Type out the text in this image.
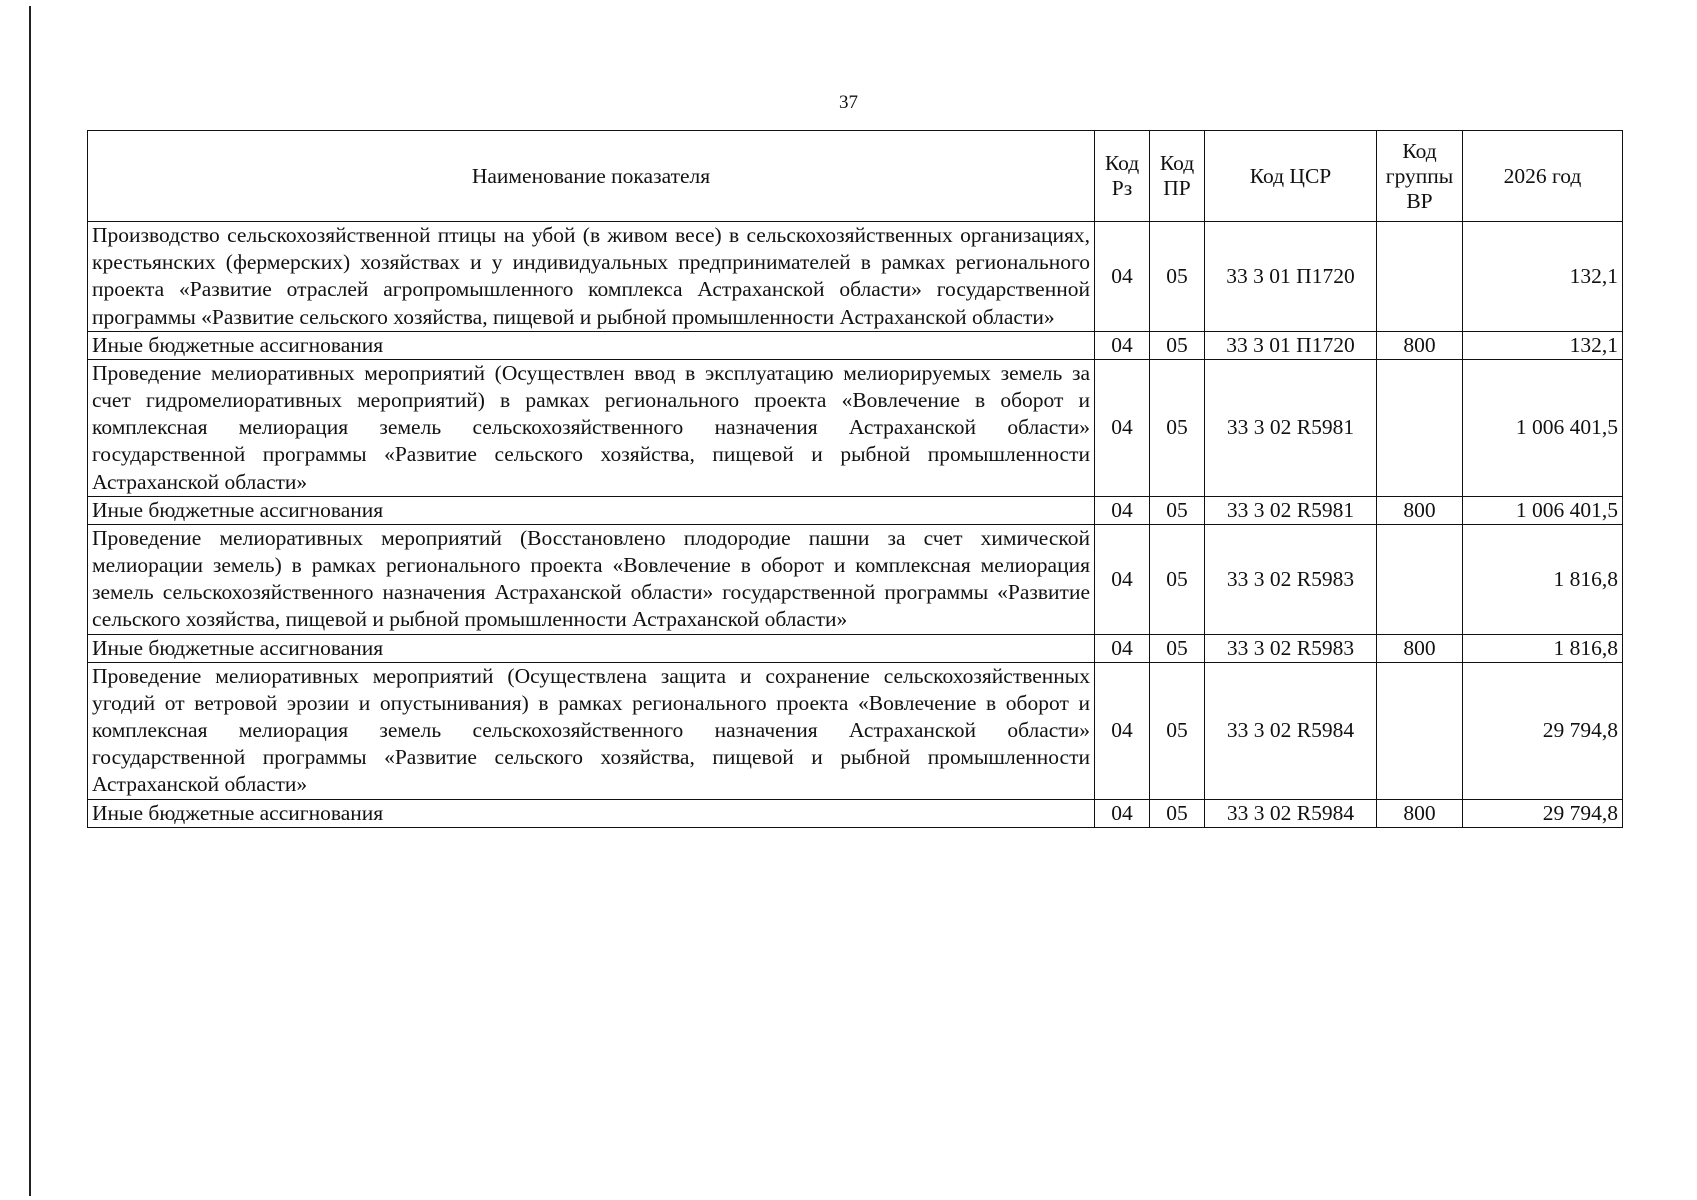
37
Наименование показателя	Код Рз	Код ПР	Код ЦСР	Код группы ВР	2026 год
Производство сельскохозяйственной птицы на убой (в живом весе) в сельскохозяйственных организациях, крестьянских (фермерских) хозяйствах и у индивидуальных предпринимателей в рамках регионального проекта «Развитие отраслей агропромышленного комплекса Астраханской области» государственной программы «Развитие сельского хозяйства, пищевой и рыбной промышленности Астраханской области»	04	05	33 3 01 П1720		132,1
Иные бюджетные ассигнования	04	05	33 3 01 П1720	800	132,1
Проведение мелиоративных мероприятий (Осуществлен ввод в эксплуатацию мелиорируемых земель за счет гидромелиоративных мероприятий) в рамках регионального проекта «Вовлечение в оборот и комплексная мелиорация земель сельскохозяйственного назначения Астраханской области» государственной программы «Развитие сельского хозяйства, пищевой и рыбной промышленности Астраханской области»	04	05	33 3 02 R5981		1 006 401,5
Иные бюджетные ассигнования	04	05	33 3 02 R5981	800	1 006 401,5
Проведение мелиоративных мероприятий (Восстановлено плодородие пашни за счет химической мелиорации земель) в рамках регионального проекта «Вовлечение в оборот и комплексная мелиорация земель сельскохозяйственного назначения Астраханской области» государственной программы «Развитие сельского хозяйства, пищевой и рыбной промышленности Астраханской области»	04	05	33 3 02 R5983		1 816,8
Иные бюджетные ассигнования	04	05	33 3 02 R5983	800	1 816,8
Проведение мелиоративных мероприятий (Осуществлена защита и сохранение сельскохозяйственных угодий от ветровой эрозии и опустынивания) в рамках регионального проекта «Вовлечение в оборот и комплексная мелиорация земель сельскохозяйственного назначения Астраханской области» государственной программы «Развитие сельского хозяйства, пищевой и рыбной промышленности Астраханской области»	04	05	33 3 02 R5984		29 794,8
Иные бюджетные ассигнования	04	05	33 3 02 R5984	800	29 794,8
